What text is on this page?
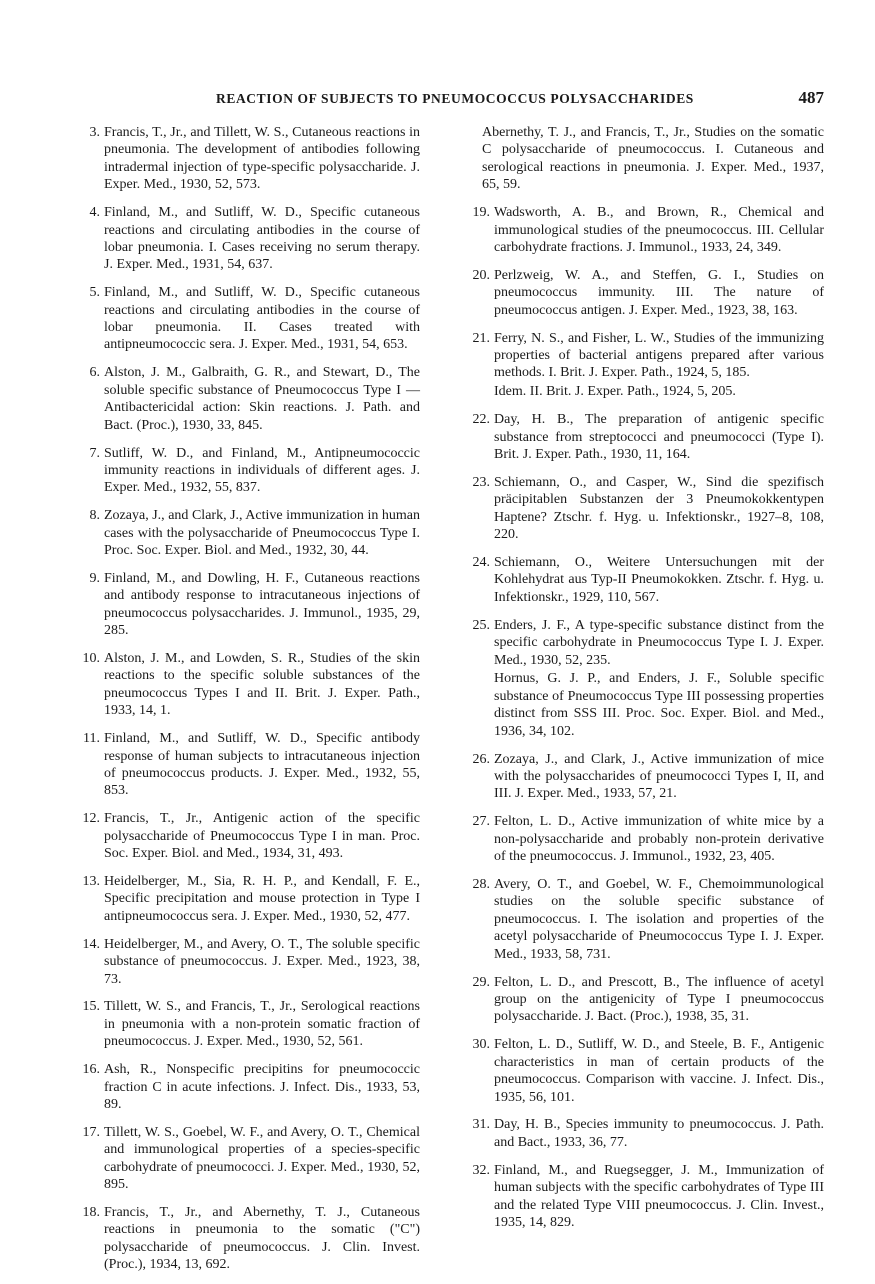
REACTION OF SUBJECTS TO PNEUMOCOCCUS POLYSACCHARIDES	487
3. Francis, T., Jr., and Tillett, W. S., Cutaneous reactions in pneumonia. The development of antibodies following intradermal injection of type-specific polysaccharide. J. Exper. Med., 1930, 52, 573.
4. Finland, M., and Sutliff, W. D., Specific cutaneous reactions and circulating antibodies in the course of lobar pneumonia. I. Cases receiving no serum therapy. J. Exper. Med., 1931, 54, 637.
5. Finland, M., and Sutliff, W. D., Specific cutaneous reactions and circulating antibodies in the course of lobar pneumonia. II. Cases treated with antipneumococcic sera. J. Exper. Med., 1931, 54, 653.
6. Alston, J. M., Galbraith, G. R., and Stewart, D., The soluble specific substance of Pneumococcus Type I —Antibactericidal action: Skin reactions. J. Path. and Bact. (Proc.), 1930, 33, 845.
7. Sutliff, W. D., and Finland, M., Antipneumococcic immunity reactions in individuals of different ages. J. Exper. Med., 1932, 55, 837.
8. Zozaya, J., and Clark, J., Active immunization in human cases with the polysaccharide of Pneumococcus Type I. Proc. Soc. Exper. Biol. and Med., 1932, 30, 44.
9. Finland, M., and Dowling, H. F., Cutaneous reactions and antibody response to intracutaneous injections of pneumococcus polysaccharides. J. Immunol., 1935, 29, 285.
10. Alston, J. M., and Lowden, S. R., Studies of the skin reactions to the specific soluble substances of the pneumococcus Types I and II. Brit. J. Exper. Path., 1933, 14, 1.
11. Finland, M., and Sutliff, W. D., Specific antibody response of human subjects to intracutaneous injection of pneumococcus products. J. Exper. Med., 1932, 55, 853.
12. Francis, T., Jr., Antigenic action of the specific polysaccharide of Pneumococcus Type I in man. Proc. Soc. Exper. Biol. and Med., 1934, 31, 493.
13. Heidelberger, M., Sia, R. H. P., and Kendall, F. E., Specific precipitation and mouse protection in Type I antipneumococcus sera. J. Exper. Med., 1930, 52, 477.
14. Heidelberger, M., and Avery, O. T., The soluble specific substance of pneumococcus. J. Exper. Med., 1923, 38, 73.
15. Tillett, W. S., and Francis, T., Jr., Serological reactions in pneumonia with a non-protein somatic fraction of pneumococcus. J. Exper. Med., 1930, 52, 561.
16. Ash, R., Nonspecific precipitins for pneumococcic fraction C in acute infections. J. Infect. Dis., 1933, 53, 89.
17. Tillett, W. S., Goebel, W. F., and Avery, O. T., Chemical and immunological properties of a species-specific carbohydrate of pneumococci. J. Exper. Med., 1930, 52, 895.
18. Francis, T., Jr., and Abernethy, T. J., Cutaneous reactions in pneumonia to the somatic ("C") polysaccharide of pneumococcus. J. Clin. Invest. (Proc.), 1934, 13, 692.
Abernethy, T. J., and Francis, T., Jr., Studies on the somatic C polysaccharide of pneumococcus. I. Cutaneous and serological reactions in pneumonia. J. Exper. Med., 1937, 65, 59.
19. Wadsworth, A. B., and Brown, R., Chemical and immunological studies of the pneumococcus. III. Cellular carbohydrate fractions. J. Immunol., 1933, 24, 349.
20. Perlzweig, W. A., and Steffen, G. I., Studies on pneumococcus immunity. III. The nature of pneumococcus antigen. J. Exper. Med., 1923, 38, 163.
21. Ferry, N. S., and Fisher, L. W., Studies of the immunizing properties of bacterial antigens prepared after various methods. I. Brit. J. Exper. Path., 1924, 5, 185.
Idem. II. Brit. J. Exper. Path., 1924, 5, 205.
22. Day, H. B., The preparation of antigenic specific substance from streptococci and pneumococci (Type I). Brit. J. Exper. Path., 1930, 11, 164.
23. Schiemann, O., and Casper, W., Sind die spezifisch präcipitablen Substanzen der 3 Pneumokokkentypen Haptene? Ztschr. f. Hyg. u. Infektionskr., 1927–8, 108, 220.
24. Schiemann, O., Weitere Untersuchungen mit der Kohlehydrat aus Typ-II Pneumokokken. Ztschr. f. Hyg. u. Infektionskr., 1929, 110, 567.
25. Enders, J. F., A type-specific substance distinct from the specific carbohydrate in Pneumococcus Type I. J. Exper. Med., 1930, 52, 235.
Hornus, G. J. P., and Enders, J. F., Soluble specific substance of Pneumococcus Type III possessing properties distinct from SSS III. Proc. Soc. Exper. Biol. and Med., 1936, 34, 102.
26. Zozaya, J., and Clark, J., Active immunization of mice with the polysaccharides of pneumococci Types I, II, and III. J. Exper. Med., 1933, 57, 21.
27. Felton, L. D., Active immunization of white mice by a non-polysaccharide and probably non-protein derivative of the pneumococcus. J. Immunol., 1932, 23, 405.
28. Avery, O. T., and Goebel, W. F., Chemoimmunological studies on the soluble specific substance of pneumococcus. I. The isolation and properties of the acetyl polysaccharide of Pneumococcus Type I. J. Exper. Med., 1933, 58, 731.
29. Felton, L. D., and Prescott, B., The influence of acetyl group on the antigenicity of Type I pneumococcus polysaccharide. J. Bact. (Proc.), 1938, 35, 31.
30. Felton, L. D., Sutliff, W. D., and Steele, B. F., Antigenic characteristics in man of certain products of the pneumococcus. Comparison with vaccine. J. Infect. Dis., 1935, 56, 101.
31. Day, H. B., Species immunity to pneumococcus. J. Path. and Bact., 1933, 36, 77.
32. Finland, M., and Ruegsegger, J. M., Immunization of human subjects with the specific carbohydrates of Type III and the related Type VIII pneumococcus. J. Clin. Invest., 1935, 14, 829.
